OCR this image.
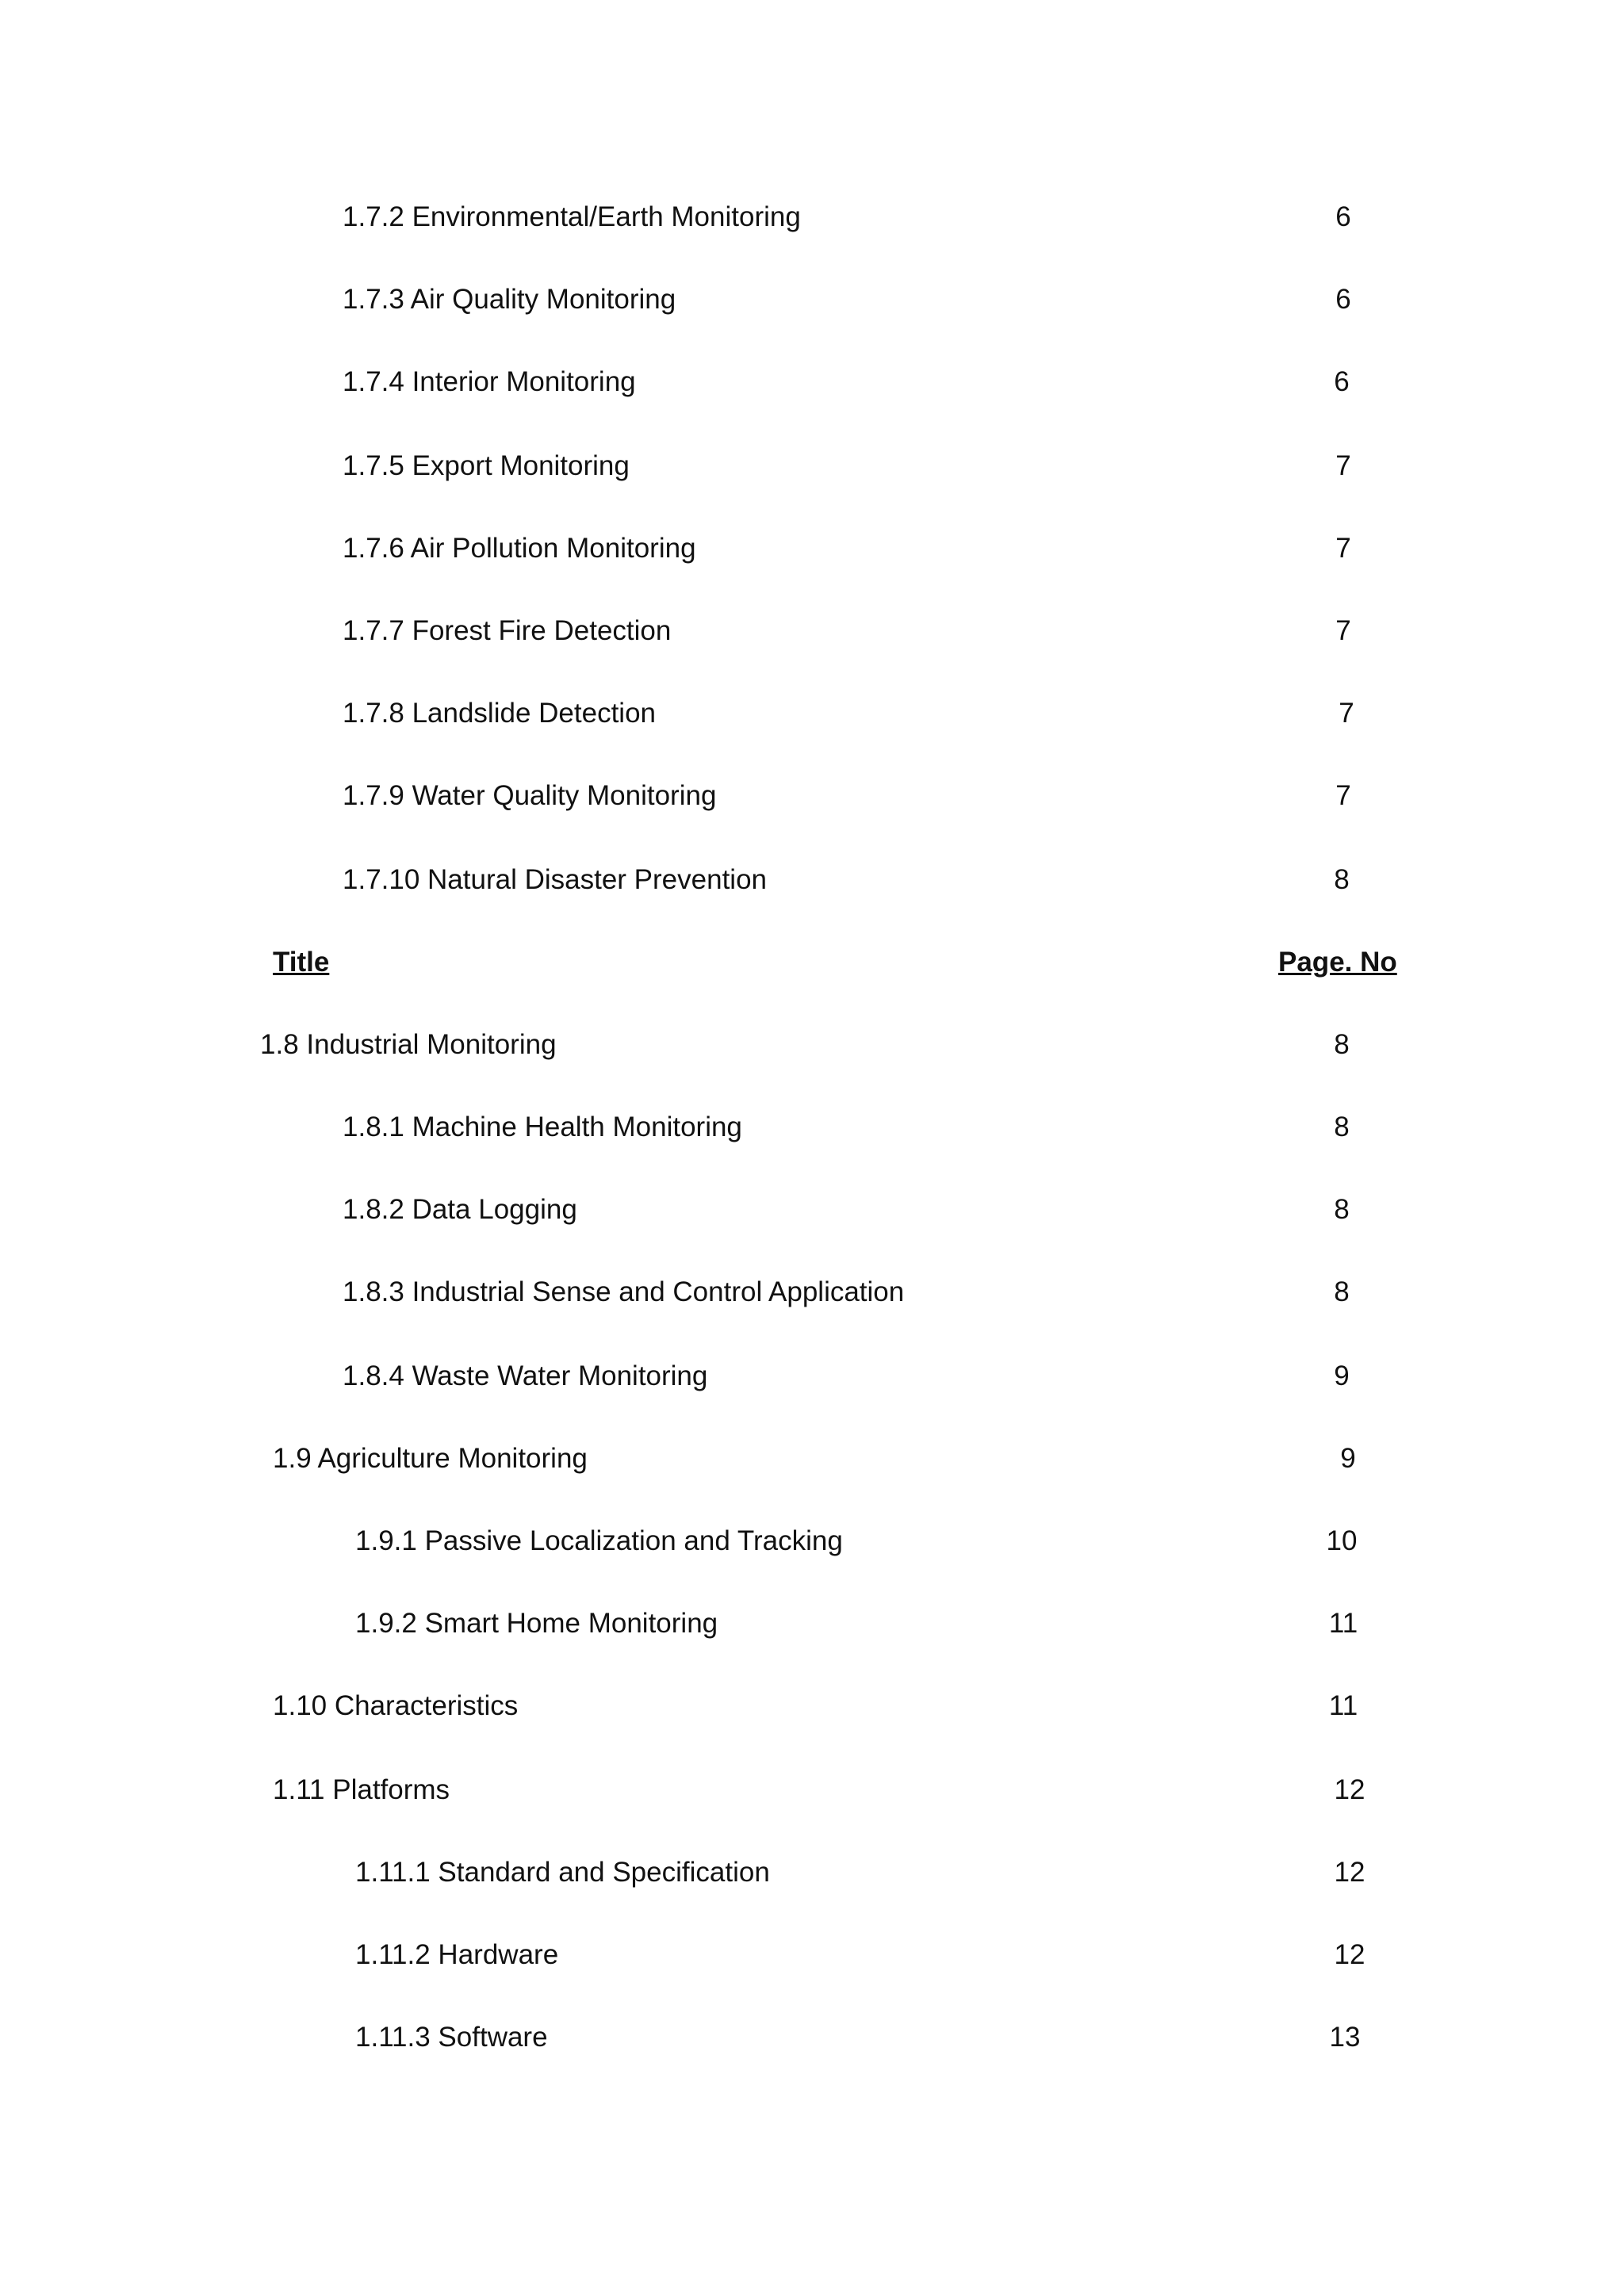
1.7.2 Environmental/Earth Monitoring	6
1.7.3 Air Quality Monitoring	6
1.7.4 Interior Monitoring	6
1.7.5 Export Monitoring	7
1.7.6 Air Pollution Monitoring	7
1.7.7 Forest Fire Detection	7
1.7.8 Landslide Detection	7
1.7.9 Water Quality Monitoring	7
1.7.10 Natural Disaster Prevention	8
Title	Page. No
1.8 Industrial Monitoring	8
1.8.1 Machine Health Monitoring	8
1.8.2 Data Logging	8
1.8.3 Industrial Sense and Control Application	8
1.8.4 Waste Water Monitoring	9
1.9 Agriculture Monitoring	9
1.9.1 Passive Localization and Tracking	10
1.9.2 Smart Home Monitoring	11
1.10 Characteristics	11
1.11 Platforms	12
1.11.1 Standard and Specification	12
1.11.2 Hardware	12
1.11.3 Software	13
